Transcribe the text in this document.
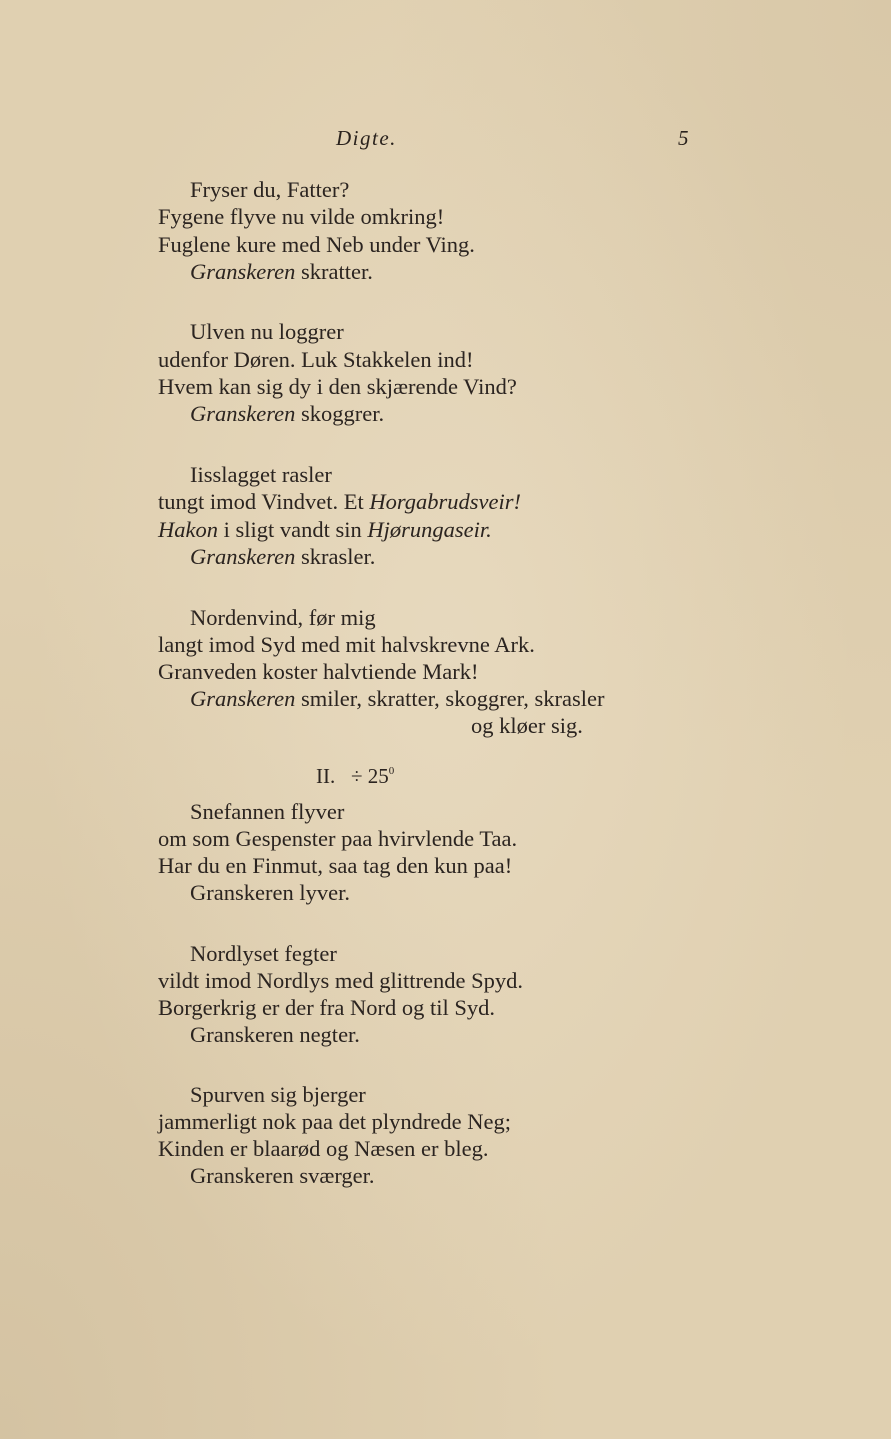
Digte.	5
Fryser du, Fatter?
Fygene flyve nu vilde omkring!
Fuglene kure med Neb under Ving.
Granskeren skratter.
Ulven nu loggrer
udenfor Døren. Luk Stakkelen ind!
Hvem kan sig dy i den skjærende Vind?
Granskeren skoggrer.
Iisslagget rasler
tungt imod Vindvet. Et Horgabrudsveir!
Hakon i sligt vandt sin Hjørungaseir.
Granskeren skrasler.
Nordenvind, før mig
langt imod Syd med mit halvskrevne Ark.
Granveden koster halvtiende Mark!
Granskeren smiler, skratter, skoggrer, skrasler
og kløer sig.
II. ÷ $25^0$
Snefannen flyver
om som Gespenster paa hvirvlende Taa.
Har du en Finmut, saa tag den kun paa!
Granskeren lyver.
Nordlyset fegter
vildt imod Nordlys med glittrende Spyd.
Borgerkrig er der fra Nord og til Syd.
Granskeren negter.
Spurven sig bjerger
jammerligt nok paa det plyndrede Neg;
Kinden er blaarød og Næsen er bleg.
Granskeren sværger.
